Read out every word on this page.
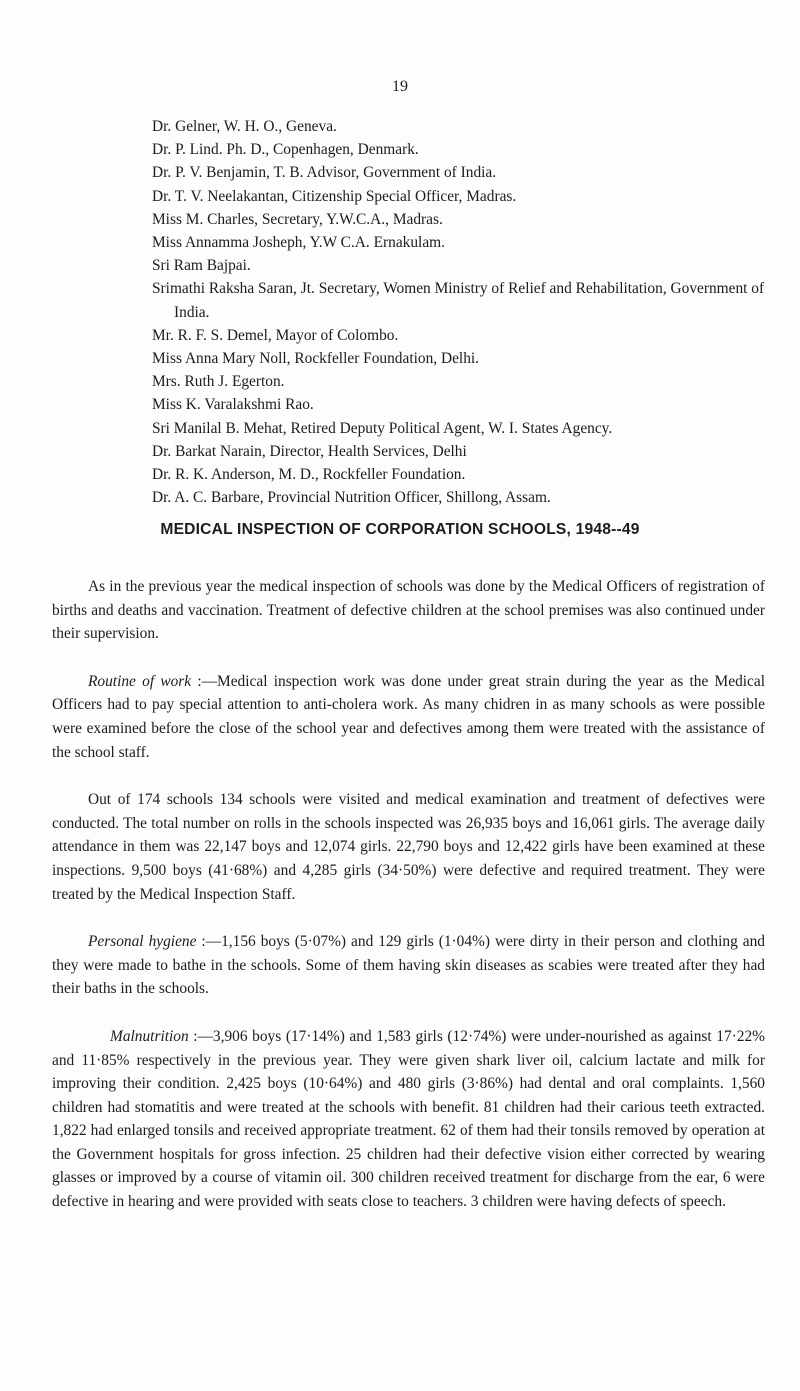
19
Dr. Gelner, W. H. O., Geneva.
Dr. P. Lind. Ph. D., Copenhagen, Denmark.
Dr. P. V. Benjamin, T. B. Advisor, Government of India.
Dr. T. V. Neelakantan, Citizenship Special Officer, Madras.
Miss M. Charles, Secretary, Y.W.C.A., Madras.
Miss Annamma Josheph, Y.W C.A. Ernakulam.
Sri Ram Bajpai.
Srimathi Raksha Saran, Jt. Secretary, Women Ministry of Relief and Rehabilitation, Government of India.
Mr. R. F. S. Demel, Mayor of Colombo.
Miss Anna Mary Noll, Rockfeller Foundation, Delhi.
Mrs. Ruth J. Egerton.
Miss K. Varalakshmi Rao.
Sri Manilal B. Mehat, Retired Deputy Political Agent, W. I. States Agency.
Dr. Barkat Narain, Director, Health Services, Delhi
Dr. R. K. Anderson, M. D., Rockfeller Foundation.
Dr. A. C. Barbare, Provincial Nutrition Officer, Shillong, Assam.
MEDICAL INSPECTION OF CORPORATION SCHOOLS, 1948--49

As in the previous year the medical inspection of schools was done by the Medical Officers of registration of births and deaths and vaccination. Treatment of defective children at the school premises was also continued under their supervision.

Routine of work :—Medical inspection work was done under great strain during the year as the Medical Officers had to pay special attention to anti-cholera work. As many chidren in as many schools as were possible were examined before the close of the school year and defectives among them were treated with the assistance of the school staff.

Out of 174 schools 134 schools were visited and medical examination and treatment of defectives were conducted. The total number on rolls in the schools inspected was 26,935 boys and 16,061 girls. The average daily attendance in them was 22,147 boys and 12,074 girls. 22,790 boys and 12,422 girls have been examined at these inspections. 9,500 boys (41·68%) and 4,285 girls (34·50%) were defective and required treatment. They were treated by the Medical Inspection Staff.

Personal hygiene :—1,156 boys (5·07%) and 129 girls (1·04%) were dirty in their person and clothing and they were made to bathe in the schools. Some of them having skin diseases as scabies were treated after they had their baths in the schools.

Malnutrition :—3,906 boys (17·14%) and 1,583 girls (12·74%) were under-nourished as against 17·22% and 11·85% respectively in the previous year. They were given shark liver oil, calcium lactate and milk for improving their condition. 2,425 boys (10·64%) and 480 girls (3·86%) had dental and oral complaints. 1,560 children had stomatitis and were treated at the schools with benefit. 81 children had their carious teeth extracted. 1,822 had enlarged tonsils and received appropriate treatment. 62 of them had their tonsils removed by operation at the Government hospitals for gross infection. 25 children had their defective vision either corrected by wearing glasses or improved by a course of vitamin oil. 300 children received treatment for discharge from the ear, 6 were defective in hearing and were provided with seats close to teachers. 3 children were having defects of speech.
